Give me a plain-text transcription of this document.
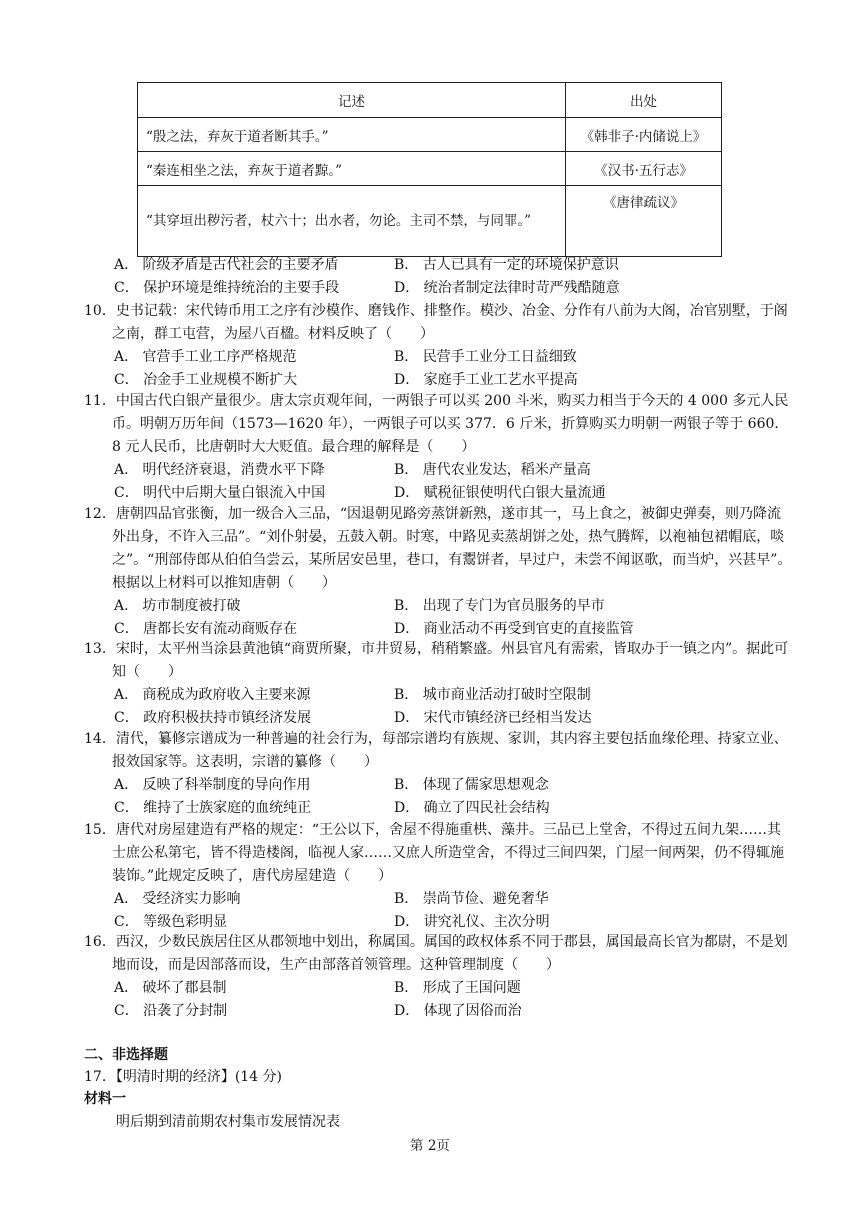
记述	出处
“殷之法，弃灰于道者断其手。”	《韩非子·内储说上》
“秦连相坐之法，弃灰于道者黥。”	《汉书·五行志》
“其穿垣出秽污者，杖六十；出水者，勿论。主司不禁，与同罪。”	《唐律疏议》
A． 阶级矛盾是古代社会的主要矛盾	B． 古人已具有一定的环境保护意识
C． 保护环境是维持统治的主要手段	D． 统治者制定法律时苛严残酷随意
10．史书记载：宋代铸币用工之序有沙模作、磨钱作、排整作。模沙、冶金、分作有八前为大阁，冶官别墅，于阁之南，群工屯营，为屋八百楹。材料反映了（　　）
A． 官营手工业工序严格规范	B． 民营手工业分工日益细致
C． 冶金手工业规模不断扩大	D． 家庭手工业工艺水平提高
11．中国古代白银产量很少。唐太宗贞观年间，一两银子可以买 200 斗米，购买力相当于今天的 4 000 多元人民币。明朝万历年间（1573—1620 年），一两银子可以买 377．6 斤米，折算购买力明朝一两银子等于 660．8 元人民币，比唐朝时大大贬值。最合理的解释是（　　）
A． 明代经济衰退，消费水平下降	B． 唐代农业发达，稻米产量高
C． 明代中后期大量白银流入中国	D． 赋税征银使明代白银大量流通
12．唐朝四品官张衡，加一级合入三品，“因退朝见路旁蒸饼新熟，遂市其一，马上食之，被御史弹奏，则乃降流外出身，不许入三品”。“刘仆射晏，五鼓入朝。时寒，中路见卖蒸胡饼之处，热气腾辉，以袍袖包裙帽底，啖之”。“刑部侍郎从伯伯刍尝云，某所居安邑里，巷口，有鬻饼者，早过户，未尝不闻讴歌，而当炉，兴甚早”。根据以上材料可以推知唐朝（　　）
A． 坊市制度被打破	B． 出现了专门为官员服务的早市
C． 唐都长安有流动商贩存在	D． 商业活动不再受到官吏的直接监管
13．宋时，太平州当涂县黄池镇“商贾所聚，市井贸易，稍稍繁盛。州县官凡有需索，皆取办于一镇之内”。据此可知（　　）
A． 商税成为政府收入主要来源	B． 城市商业活动打破时空限制
C． 政府积极扶持市镇经济发展	D． 宋代市镇经济已经相当发达
14．清代，纂修宗谱成为一种普遍的社会行为，每部宗谱均有族规、家训，其内容主要包括血缘伦理、持家立业、报效国家等。这表明，宗谱的纂修（　　）
A． 反映了科举制度的导向作用	B． 体现了儒家思想观念
C． 维持了士族家庭的血统纯正	D． 确立了四民社会结构
15．唐代对房屋建造有严格的规定：“王公以下，舍屋不得施重栱、藻井。三品已上堂舍，不得过五间九架……其士庶公私第宅，皆不得造楼阁，临视人家……又庶人所造堂舍，不得过三间四架，门屋一间两架，仍不得辄施装饰。”此规定反映了，唐代房屋建造（　　）
A． 受经济实力影响	B． 崇尚节俭、避免奢华
C． 等级色彩明显	D． 讲究礼仪、主次分明
16．西汉，少数民族居住区从郡领地中划出，称属国。属国的政权体系不同于郡县，属国最高长官为都尉，不是划地而设，而是因部落而设，生产由部落首领管理。这种管理制度（　　）
A． 破坏了郡县制	B． 形成了王国问题
C． 沿袭了分封制	D． 体现了因俗而治
二、非选择题
17．【明清时期的经济】(14 分)
材料一
明后期到清前期农村集市发展情况表
第 2页
